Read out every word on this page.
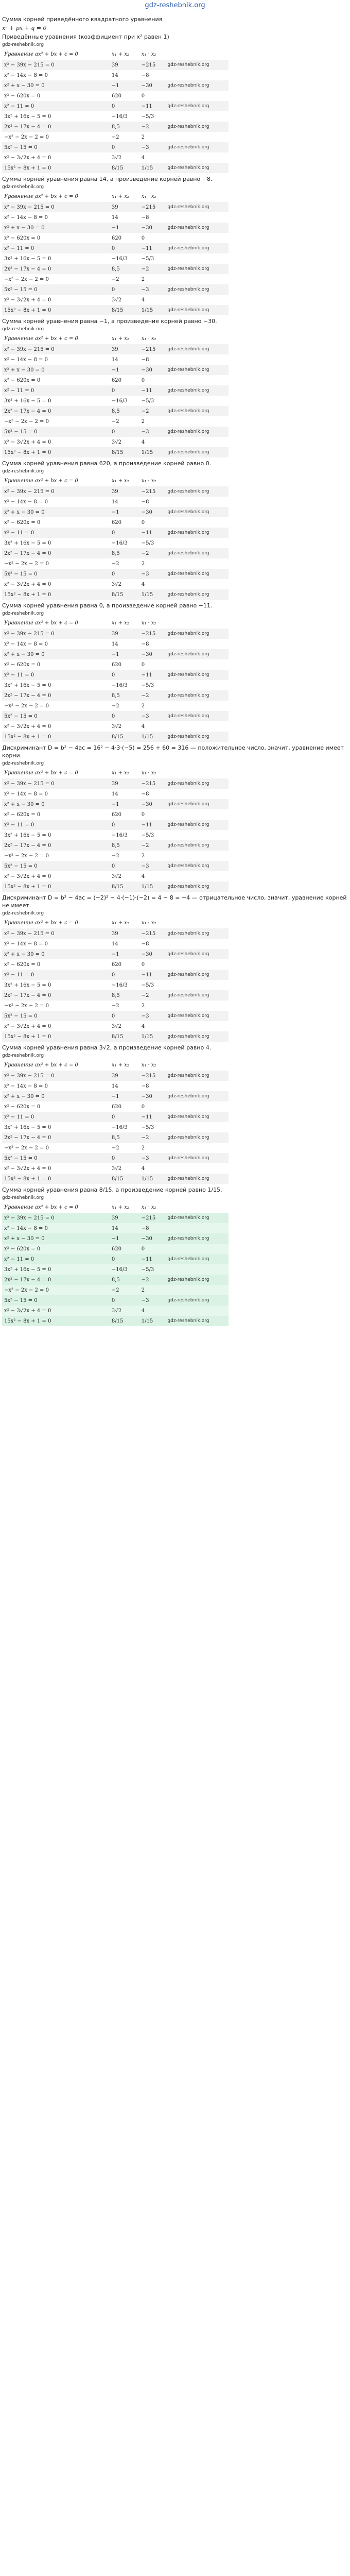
gdz-reshebnik.org
Сумма корней приведённого квадратного уравнения
x² + px + q = 0
Приведённые уравнения (коэффициент при x² равен 1)
gdz-reshebnik.org
Уравнение ax² + bx + c = 0	x₁ + x₂	x₁ · x₂	
x² − 39x − 215 = 0	39	−215	gdz-reshebnik.org
x² − 14x − 8 = 0	14	−8	
x² + x − 30 = 0	−1	−30	gdz-reshebnik.org
x² − 620x = 0	620	0	
x² − 11 = 0	0	−11	gdz-reshebnik.org
3x² + 16x − 5 = 0	−16/3	−5/3	
2x² − 17x − 4 = 0	8,5	−2	gdz-reshebnik.org
−x² − 2x − 2 = 0	−2	2	
5x² − 15 = 0	0	−3	gdz-reshebnik.org
x² − 3√2x + 4 = 0	3√2	4	
15x² − 8x + 1 = 0	8/15	1/15	gdz-reshebnik.org
Сумма корней уравнения равна 14, а произведение корней равно −8.
gdz-reshebnik.org
Уравнение ax² + bx + c = 0	x₁ + x₂	x₁ · x₂	
x² − 39x − 215 = 0	39	−215	gdz-reshebnik.org
x² − 14x − 8 = 0	14	−8	
x² + x − 30 = 0	−1	−30	gdz-reshebnik.org
x² − 620x = 0	620	0	
x² − 11 = 0	0	−11	gdz-reshebnik.org
3x² + 16x − 5 = 0	−16/3	−5/3	
2x² − 17x − 4 = 0	8,5	−2	gdz-reshebnik.org
−x² − 2x − 2 = 0	−2	2	
5x² − 15 = 0	0	−3	gdz-reshebnik.org
x² − 3√2x + 4 = 0	3√2	4	
15x² − 8x + 1 = 0	8/15	1/15	gdz-reshebnik.org
Сумма корней уравнения равна −1, а произведение корней равно −30.
gdz-reshebnik.org
Уравнение ax² + bx + c = 0	x₁ + x₂	x₁ · x₂	
x² − 39x − 215 = 0	39	−215	gdz-reshebnik.org
x² − 14x − 8 = 0	14	−8	
x² + x − 30 = 0	−1	−30	gdz-reshebnik.org
x² − 620x = 0	620	0	
x² − 11 = 0	0	−11	gdz-reshebnik.org
3x² + 16x − 5 = 0	−16/3	−5/3	
2x² − 17x − 4 = 0	8,5	−2	gdz-reshebnik.org
−x² − 2x − 2 = 0	−2	2	
5x² − 15 = 0	0	−3	gdz-reshebnik.org
x² − 3√2x + 4 = 0	3√2	4	
15x² − 8x + 1 = 0	8/15	1/15	gdz-reshebnik.org
Сумма корней уравнения равна 620, а произведение корней равно 0.
gdz-reshebnik.org
Уравнение ax² + bx + c = 0	x₁ + x₂	x₁ · x₂	
x² − 39x − 215 = 0	39	−215	gdz-reshebnik.org
x² − 14x − 8 = 0	14	−8	
x² + x − 30 = 0	−1	−30	gdz-reshebnik.org
x² − 620x = 0	620	0	
x² − 11 = 0	0	−11	gdz-reshebnik.org
3x² + 16x − 5 = 0	−16/3	−5/3	
2x² − 17x − 4 = 0	8,5	−2	gdz-reshebnik.org
−x² − 2x − 2 = 0	−2	2	
5x² − 15 = 0	0	−3	gdz-reshebnik.org
x² − 3√2x + 4 = 0	3√2	4	
15x² − 8x + 1 = 0	8/15	1/15	gdz-reshebnik.org
Сумма корней уравнения равна 0, а произведение корней равно −11.
gdz-reshebnik.org
Уравнение ax² + bx + c = 0	x₁ + x₂	x₁ · x₂	
x² − 39x − 215 = 0	39	−215	gdz-reshebnik.org
x² − 14x − 8 = 0	14	−8	
x² + x − 30 = 0	−1	−30	gdz-reshebnik.org
x² − 620x = 0	620	0	
x² − 11 = 0	0	−11	gdz-reshebnik.org
3x² + 16x − 5 = 0	−16/3	−5/3	
2x² − 17x − 4 = 0	8,5	−2	gdz-reshebnik.org
−x² − 2x − 2 = 0	−2	2	
5x² − 15 = 0	0	−3	gdz-reshebnik.org
x² − 3√2x + 4 = 0	3√2	4	
15x² − 8x + 1 = 0	8/15	1/15	gdz-reshebnik.org
Дискриминант D = b² − 4ac = 16² − 4·3·(−5) = 256 + 60 = 316 — положительное число, значит, уравнение имеет корни.
gdz-reshebnik.org
Уравнение ax² + bx + c = 0	x₁ + x₂	x₁ · x₂	
x² − 39x − 215 = 0	39	−215	gdz-reshebnik.org
x² − 14x − 8 = 0	14	−8	
x² + x − 30 = 0	−1	−30	gdz-reshebnik.org
x² − 620x = 0	620	0	
x² − 11 = 0	0	−11	gdz-reshebnik.org
3x² + 16x − 5 = 0	−16/3	−5/3	
2x² − 17x − 4 = 0	8,5	−2	gdz-reshebnik.org
−x² − 2x − 2 = 0	−2	2	
5x² − 15 = 0	0	−3	gdz-reshebnik.org
x² − 3√2x + 4 = 0	3√2	4	
15x² − 8x + 1 = 0	8/15	1/15	gdz-reshebnik.org
Дискриминант D = b² − 4ac = (−2)² − 4·(−1)·(−2) = 4 − 8 = −4 — отрицательное число, значит, уравнение корней не имеет.
gdz-reshebnik.org
Уравнение ax² + bx + c = 0	x₁ + x₂	x₁ · x₂	
x² − 39x − 215 = 0	39	−215	gdz-reshebnik.org
x² − 14x − 8 = 0	14	−8	
x² + x − 30 = 0	−1	−30	gdz-reshebnik.org
x² − 620x = 0	620	0	
x² − 11 = 0	0	−11	gdz-reshebnik.org
3x² + 16x − 5 = 0	−16/3	−5/3	
2x² − 17x − 4 = 0	8,5	−2	gdz-reshebnik.org
−x² − 2x − 2 = 0	−2	2	
5x² − 15 = 0	0	−3	gdz-reshebnik.org
x² − 3√2x + 4 = 0	3√2	4	
15x² − 8x + 1 = 0	8/15	1/15	gdz-reshebnik.org
Сумма корней уравнения равна 3√2, а произведение корней равно 4.
gdz-reshebnik.org
Уравнение ax² + bx + c = 0	x₁ + x₂	x₁ · x₂	
x² − 39x − 215 = 0	39	−215	gdz-reshebnik.org
x² − 14x − 8 = 0	14	−8	
x² + x − 30 = 0	−1	−30	gdz-reshebnik.org
x² − 620x = 0	620	0	
x² − 11 = 0	0	−11	gdz-reshebnik.org
3x² + 16x − 5 = 0	−16/3	−5/3	
2x² − 17x − 4 = 0	8,5	−2	gdz-reshebnik.org
−x² − 2x − 2 = 0	−2	2	
5x² − 15 = 0	0	−3	gdz-reshebnik.org
x² − 3√2x + 4 = 0	3√2	4	
15x² − 8x + 1 = 0	8/15	1/15	gdz-reshebnik.org
Сумма корней уравнения равна 8/15, а произведение корней равно 1/15.
gdz-reshebnik.org
Уравнение ax² + bx + c = 0	x₁ + x₂	x₁ · x₂	
x² − 39x − 215 = 0	39	−215	gdz-reshebnik.org
x² − 14x − 8 = 0	14	−8	
x² + x − 30 = 0	−1	−30	gdz-reshebnik.org
x² − 620x = 0	620	0	
x² − 11 = 0	0	−11	gdz-reshebnik.org
3x² + 16x − 5 = 0	−16/3	−5/3	
2x² − 17x − 4 = 0	8,5	−2	gdz-reshebnik.org
−x² − 2x − 2 = 0	−2	2	
5x² − 15 = 0	0	−3	gdz-reshebnik.org
x² − 3√2x + 4 = 0	3√2	4	
15x² − 8x + 1 = 0	8/15	1/15	gdz-reshebnik.org
